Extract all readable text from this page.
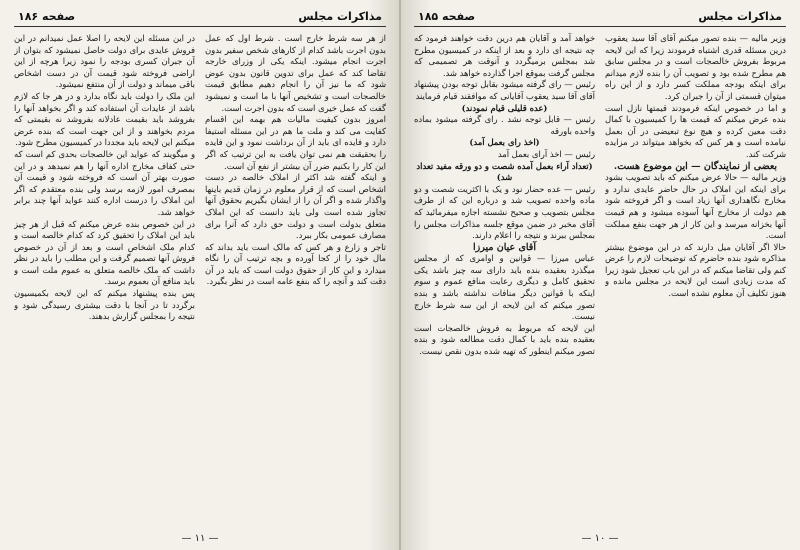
مذاکرات مجلس
صفحه ۱۸۶

از هر سه شرط خارج است . شرط اول که عمل بدون اجرت باشد کدام از کارهای شخص سفیر بدون اجرت انجام میشود. اینکه یکی از وزرای خارجه تقاضا کند که عمل برای تدوین قانون بدون عوض شود که ما نیز آن را انجام دهیم مطابق قیمت خالصجات است و تشخیص آنها با ما است و نمیشود گفت که عمل خیری است که بدون اجرت است.

امروز بدون کیفیت مالیات هم بهمه این اقسام کفایت می کند و ملت ما هم در این مسئله استیفا دارد و فایده ای باید از آن برداشت نمود و این فایده را بحقیقت هم نمی توان یافت به این ترتیب که اگر این کار را بکنیم ضرر آن بیشتر از نفع آن است.

و اینکه گفته شد اکثر از املاک خالصه در دست اشخاص است که از قرار معلوم در زمان قدیم باینها واگذار شده و اگر آن را از ایشان بگیریم بحقوق آنها تجاوز شده است ولی باید دانست که این املاک متعلق بدولت است و دولت حق دارد که آنرا برای مصارف عمومی بکار ببرد.

تاجر و زارع و هر کس که مالک است باید بداند که مال خود را از کجا آورده و بچه ترتیب آن را نگاه میدارد و این کار از حقوق دولت است که باید در آن دقت کند و آنچه را که بنفع عامه است در نظر بگیرد.

در این مسئله این لایحه را اصلا عمل نمیدانم در این فروش عایدی برای دولت حاصل نمیشود که بتوان از آن جبران کسری بودجه را نمود زیرا هرچه از این اراضی فروخته شود قیمت آن در دست اشخاص باقی میماند و دولت از آن منتفع نمیشود.

این ملک را دولت باید نگاه بدارد و در هر جا که لازم باشد از عایدات آن استفاده کند و اگر بخواهد آنها را بفروشد باید بقیمت عادلانه بفروشد نه بقیمتی که مردم بخواهند و از این جهت است که بنده عرض میکنم این لایحه باید مجددا در کمیسیون مطرح شود.

و میگویند که عواید این خالصجات بحدی کم است که حتی کفاف مخارج اداره آنها را هم نمیدهد و در این صورت بهتر آن است که فروخته شود و قیمت آن بمصرف امور لازمه برسد ولی بنده معتقدم که اگر این املاک را درست اداره کنند عواید آنها چند برابر خواهد شد.

در این خصوص بنده عرض میکنم که قبل از هر چیز باید این املاک را تحقیق کرد که کدام خالصه است و کدام ملک اشخاص است و بعد از آن در خصوص فروش آنها تصمیم گرفت و این مطلب را باید در نظر داشت که ملک خالصه متعلق به عموم ملت است و باید منافع آن بعموم برسد.

پس بنده پیشنهاد میکنم که این لایحه بکمیسیون برگردد تا در آنجا با دقت بیشتری رسیدگی شود و نتیجه را بمجلس گزارش بدهند.

— ۱۱ —
مذاکرات مجلس
صفحه ۱۸۵

وزیر مالیه — بنده تصور میکنم آقای آقا سید یعقوب درین مسئله قدری اشتباه فرمودند زیرا که این لایحه مربوط بفروش خالصجات است و در مجلس سابق هم مطرح شده بود و تصویب آن را بنده لازم میدانم برای اینکه بودجه مملکت کسر دارد و از این راه میتوان قسمتی از آن را جبران کرد.

و اما در خصوص اینکه فرمودند قیمتها نازل است بنده عرض میکنم که قیمت ها را کمیسیون با کمال دقت معین کرده و هیچ نوع تبعیضی در آن بعمل نیامده است و هر کس که بخواهد میتواند در مزایده شرکت کند.

بعضی از نمایندگان — این موضوع هست.

وزیر مالیه — حالا عرض میکنم که باید تصویب بشود برای اینکه این املاک در حال حاضر عایدی ندارد و مخارج نگاهداری آنها زیاد است و اگر فروخته شود هم دولت از مخارج آنها آسوده میشود و هم قیمت آنها بخزانه میرسد و این کار از هر جهت بنفع مملکت است.

حالا اگر آقایان میل دارند که در این موضوع بیشتر مذاکره شود بنده حاضرم که توضیحات لازم را عرض کنم ولی تقاضا میکنم که در این باب تعجیل شود زیرا که مدت زیادی است این لایحه در مجلس مانده و هنوز تکلیف آن معلوم نشده است.

خواهد آمد و آقایان هم درین دقت خواهند فرمود که چه نتیجه ای دارد و بعد از اینکه در کمیسیون مطرح شد بمجلس برمیگردد و آنوقت هر تصمیمی که مجلس گرفت بموقع اجرا گذارده خواهد شد.

رئیس — رای گرفته میشود بقابل توجه بودن پیشنهاد آقای آقا سید یعقوب آقایانی که موافقند قیام فرمایند

(عده قلیلی قیام نمودند)

رئیس — قابل توجه نشد . رای گرفته میشود بماده واحده باورقه

(اخذ رای بعمل آمد)

رئیس — اخذ آرای بعمل آمد

(تعداد آراء بعمل آمده شصت و دو ورقه مفید تعداد شد)

رئیس — عده حضار نود و یک با اکثریت شصت و دو ماده واحده تصویب شد و درباره این که از طرف مجلس بتصویب و صحیح نشسته اجازه میفرمائید که آقای مخبر در ضمن موقع جلسه مذاکرات مجلس را بمجلس ببرند و نتیجه را اعلام دارند.

آقای عیان میرزا

عباس میرزا — قوانین و اوامری که از مجلس میگذرد بعقیده بنده باید دارای سه چیز باشد یکی تحقیق کامل و دیگری رعایت منافع عموم و سوم اینکه با قوانین دیگر منافات نداشته باشد و بنده تصور میکنم که این لایحه از این سه شرط خارج نیست.

این لایحه که مربوط به فروش خالصجات است بعقیده بنده باید با کمال دقت مطالعه شود و بنده تصور میکنم اینطور که تهیه شده بدون نقص نیست.

— ۱۰ —
